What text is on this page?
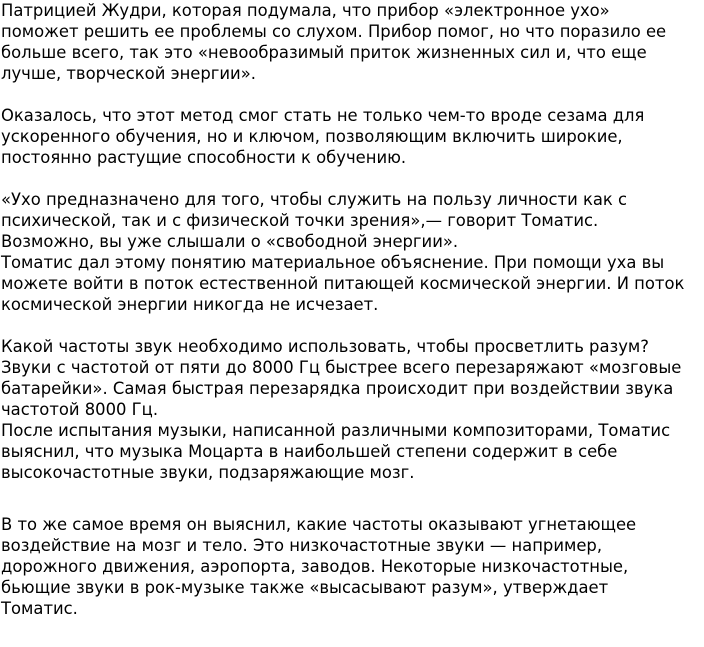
Патрицией Жудри, которая подумала, что прибор «электронное ухо»
поможет решить ее проблемы со слухом. Прибор помог, но что поразило ее
больше всего, так это «невообразимый приток жизненных сил и, что еще
лучше, творческой энергии».
Оказалось, что этот метод смог стать не только чем-то вроде сезама для
ускоренного обучения, но и ключом, позволяющим включить широкие,
постоянно растущие способности к обучению.
«Ухо предназначено для того, чтобы служить на пользу личности как с
психической, так и с физической точки зрения»,— говорит Томатис.
Возможно, вы уже слышали о «свободной энергии».
Томатис дал этому понятию материальное объяснение. При помощи уха вы
можете войти в поток естественной питающей космической энергии. И поток
космической энергии никогда не исчезает.
Какой частоты звук необходимо использовать, чтобы просветлить разум?
Звуки с частотой от пяти до 8000 Гц быстрее всего перезаряжают «мозговые
батарейки». Самая быстрая перезарядка происходит при воздействии звука
частотой 8000 Гц.
После испытания музыки, написанной различными композиторами, Томатис
выяснил, что музыка Моцарта в наибольшей степени содержит в себе
высокочастотные звуки, подзаряжающие мозг.
В то же самое время он выяснил, какие частоты оказывают угнетающее
воздействие на мозг и тело. Это низкочастотные звуки — например,
дорожного движения, аэропорта, заводов. Некоторые низкочастотные,
бьющие звуки в рок-музыке также «высасывают разум», утверждает
Томатис.
